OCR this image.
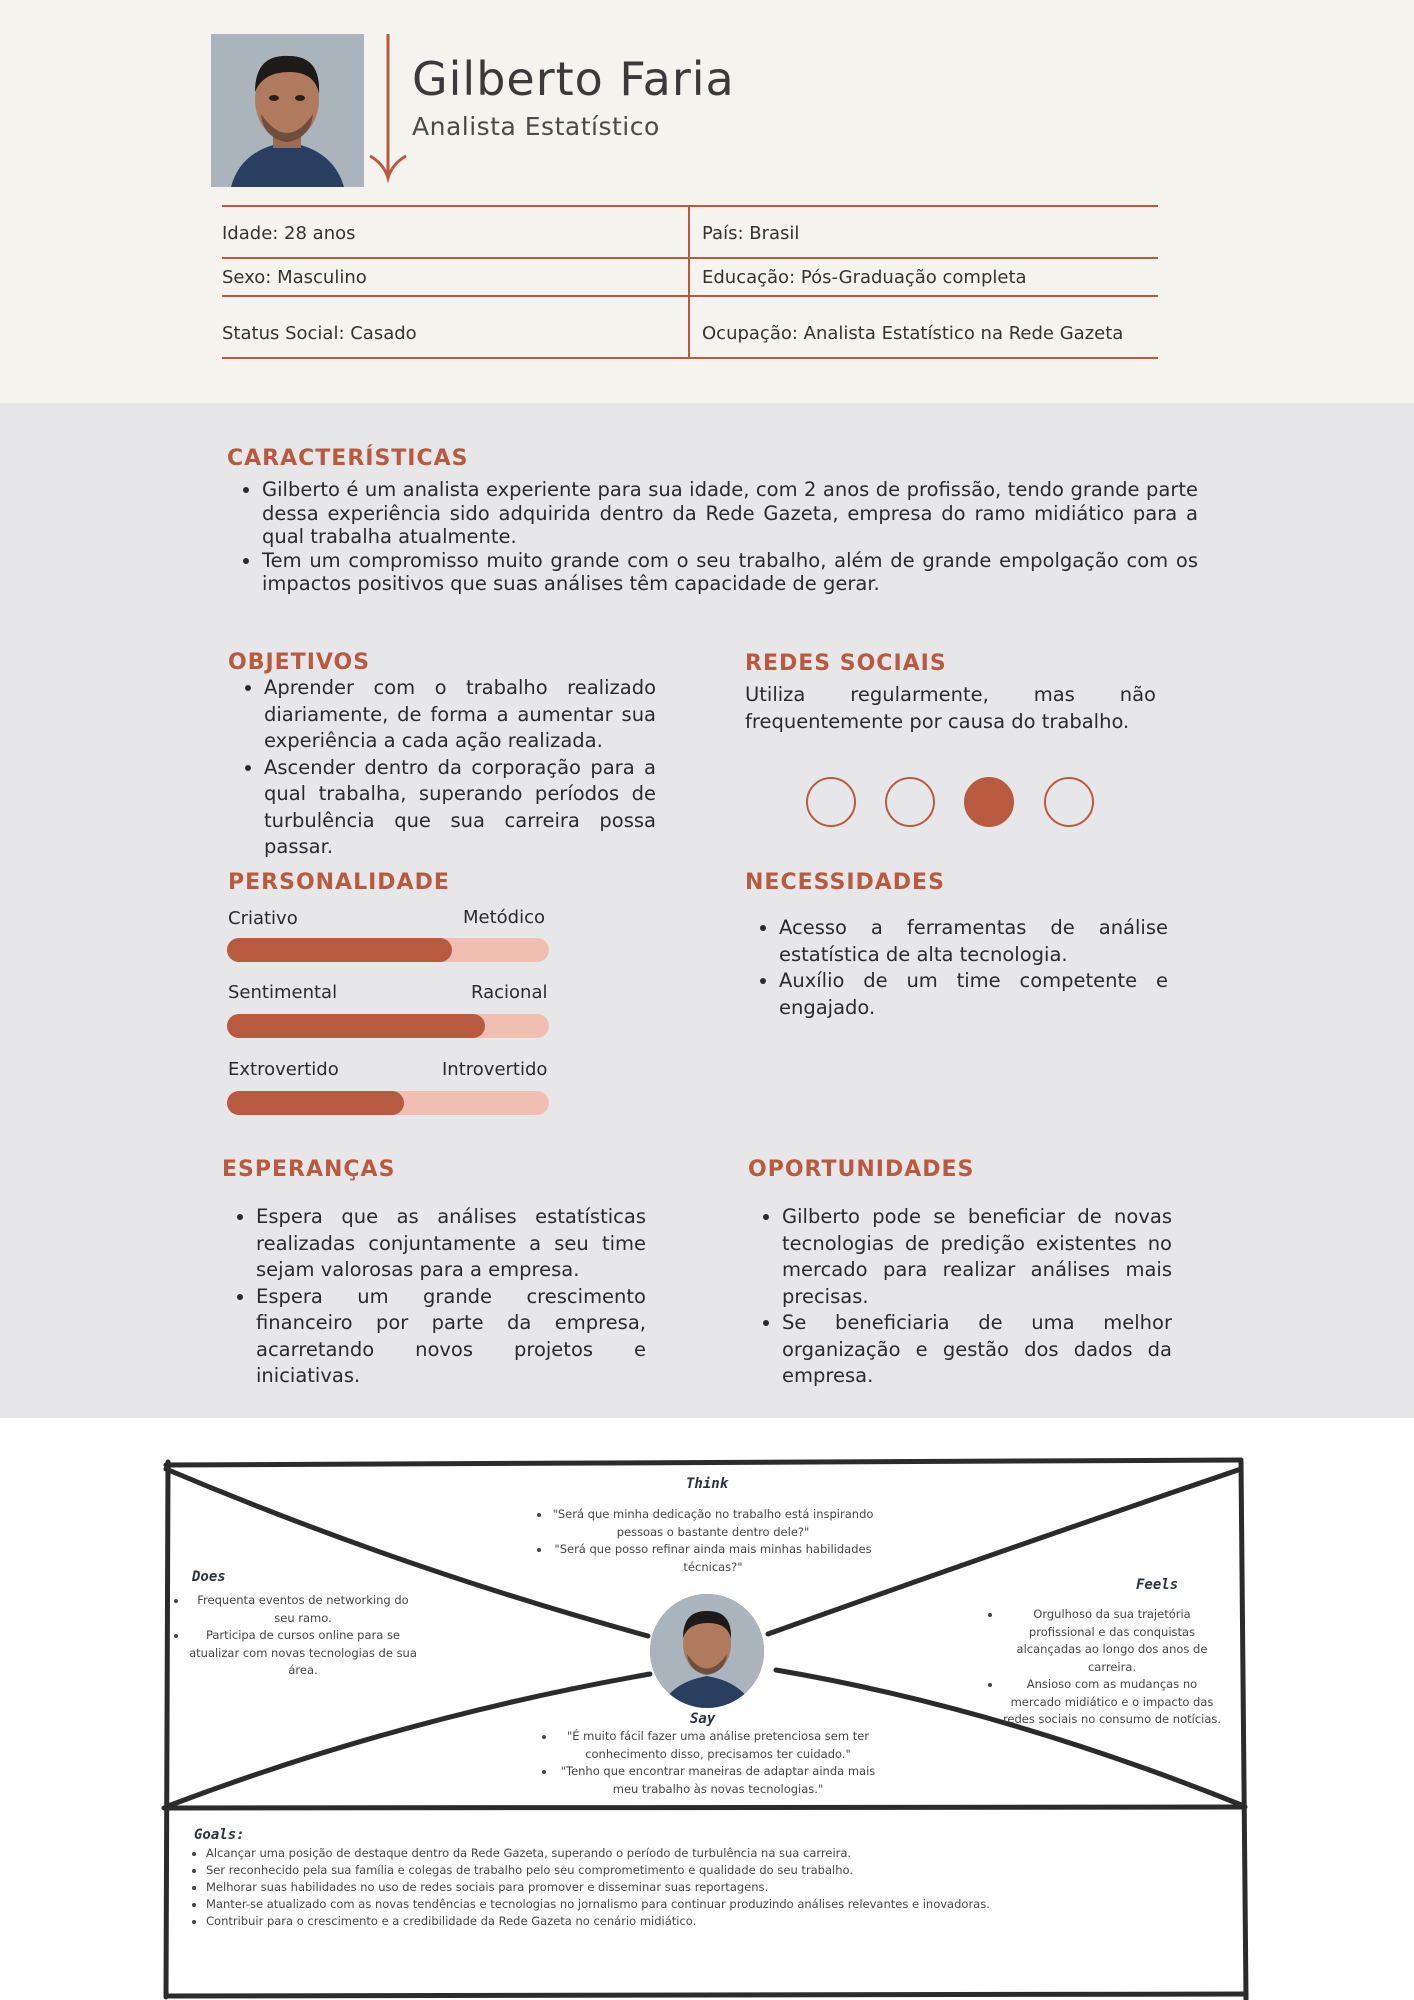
Gilberto Faria
Analista Estatístico
Idade: 28 anos	País: Brasil
Sexo: Masculino	Educação: Pós-Graduação completa
Status Social: Casado	Ocupação: Analista Estatístico na Rede Gazeta
CARACTERÍSTICAS
• Gilberto é um analista experiente para sua idade, com 2 anos de profissão, tendo grande parte dessa experiência sido adquirida dentro da Rede Gazeta, empresa do ramo midiático para a qual trabalha atualmente.
• Tem um compromisso muito grande com o seu trabalho, além de grande empolgação com os impactos positivos que suas análises têm capacidade de gerar.
OBJETIVOS
• Aprender com o trabalho realizado diariamente, de forma a aumentar sua experiência a cada ação realizada.
• Ascender dentro da corporação para a qual trabalha, superando períodos de turbulência que sua carreira possa passar.
REDES SOCIAIS
Utiliza regularmente, mas não frequentemente por causa do trabalho.
PERSONALIDADE
Criativo	Metódico
Sentimental	Racional
Extrovertido	Introvertido
NECESSIDADES
• Acesso a ferramentas de análise estatística de alta tecnologia.
• Auxílio de um time competente e engajado.
ESPERANÇAS
• Espera que as análises estatísticas realizadas conjuntamente a seu time sejam valorosas para a empresa.
• Espera um grande crescimento financeiro por parte da empresa, acarretando novos projetos e iniciativas.
OPORTUNIDADES
• Gilberto pode se beneficiar de novas tecnologias de predição existentes no mercado para realizar análises mais precisas.
• Se beneficiaria de uma melhor organização e gestão dos dados da empresa.
Think
• "Será que minha dedicação no trabalho está inspirando pessoas o bastante dentro dele?"
• "Será que posso refinar ainda mais minhas habilidades técnicas?"
Does
• Frequenta eventos de networking do seu ramo.
• Participa de cursos online para se atualizar com novas tecnologias de sua área.
Feels
• Orgulhoso da sua trajetória profissional e das conquistas alcançadas ao longo dos anos de carreira.
• Ansioso com as mudanças no mercado midiático e o impacto das redes sociais no consumo de notícias.
Say
• "É muito fácil fazer uma análise pretenciosa sem ter conhecimento disso, precisamos ter cuidado."
• "Tenho que encontrar maneiras de adaptar ainda mais meu trabalho às novas tecnologias."
Goals:
• Alcançar uma posição de destaque dentro da Rede Gazeta, superando o período de turbulência na sua carreira.
• Ser reconhecido pela sua família e colegas de trabalho pelo seu comprometimento e qualidade do seu trabalho.
• Melhorar suas habilidades no uso de redes sociais para promover e disseminar suas reportagens.
• Manter-se atualizado com as novas tendências e tecnologias no jornalismo para continuar produzindo análises relevantes e inovadoras.
• Contribuir para o crescimento e a credibilidade da Rede Gazeta no cenário midiático.
